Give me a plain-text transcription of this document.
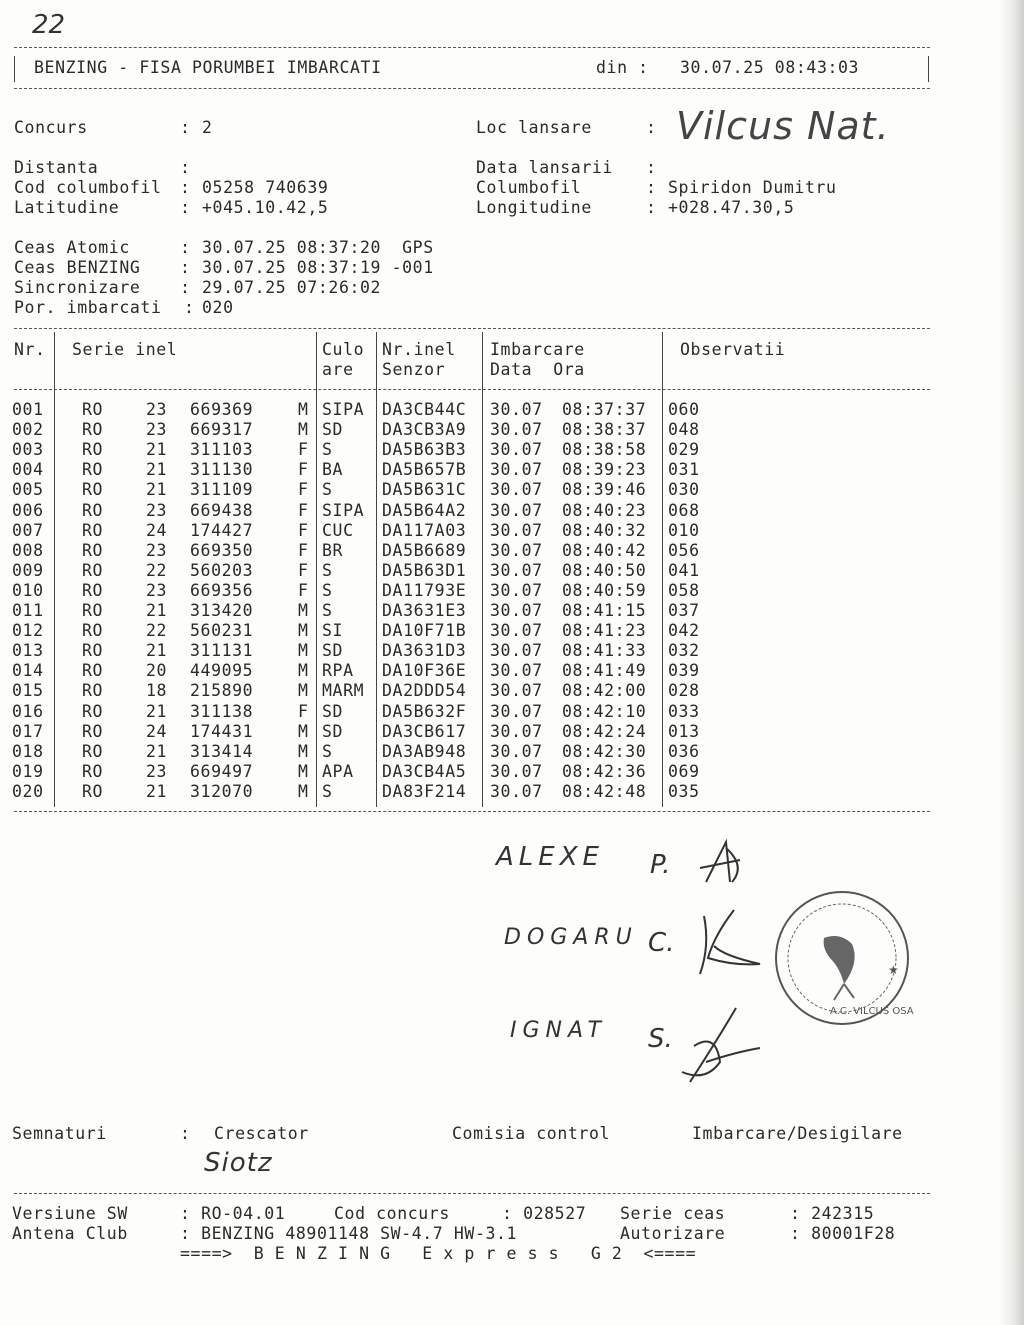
22
BENZING - FISA PORUMBEI IMBARCATI	din : 30.07.25 08:43:03
Concurs	: 2	Loc lansare	: Vilcus Nat.
Distanta	:	Data lansarii :
Cod columbofil : 05258 740639	Columbofil	: Spiridon Dumitru
Latitudine	: +045.10.42,5	Longitudine	: +028.47.30,5
Ceas Atomic	: 30.07.25 08:37:20  GPS
Ceas BENZING : 30.07.25 08:37:19 -001
Sincronizare : 29.07.25 07:26:02
Por. imbarcati : 020
Nr. Serie inel	Culo
are
Nr.inel
Senzor
Imbarcare
Data  Ora
Observatii
001 RO	23 669369	M SIPA DA3CB44C 30.07 08:37:37 060
002 RO	23 669317	M SD DA3CB3A9 30.07 08:38:37 048
003 RO	21 311103	F S	DA5B63B3 30.07 08:38:58 029
004 RO	21 311130	F BA DA5B657B 30.07 08:39:23 031
005 RO	21 311109	F S	DA5B631C 30.07 08:39:46 030
006 RO	23 669438	F SIPA DA5B64A2 30.07 08:40:23 068
007 RO	24 174427	F CUC DA117A03 30.07 08:40:32 010
008 RO	23 669350	F BR DA5B6689 30.07 08:40:42 056
009 RO	22 560203	F S	DA5B63D1 30.07 08:40:50 041
010 RO	23 669356	F S	DA11793E 30.07 08:40:59 058
011 RO	21 313420	M S	DA3631E3 30.07 08:41:15 037
012 RO	22 560231	M SI DA10F71B 30.07 08:41:23 042
013 RO	21 311131	M SD DA3631D3 30.07 08:41:33 032
014 RO	20 449095	M RPA DA10F36E 30.07 08:41:49 039
015 RO	18 215890	M MARM DA2DDD54 30.07 08:42:00 028
016 RO	21 311138	F SD DA5B632F 30.07 08:42:10 033
017 RO	24 174431	M SD DA3CB617 30.07 08:42:24 013
018 RO	21 313414	M S	DA3AB948 30.07 08:42:30 036
019 RO	23 669497	M APA DA3CB4A5 30.07 08:42:36 069
020 RO	21 312070	M S	DA83F214 30.07 08:42:48 035
ALEXE P.
DOGARU C.
IGNAT S.
★
A.C. VILCUS OSA
Semnaturi	: Crescator	Comisia control	Imbarcare/Desigilare
Siotz
Versiune SW	: RO-04.01	Cod concurs	: 028527 Serie ceas	: 242315
Antena Club	: BENZING 48901148 SW-4.7 HW-3.1	Autorizare	: 80001F28
====>  B E N Z I N G   E x p r e s s   G 2  <====
